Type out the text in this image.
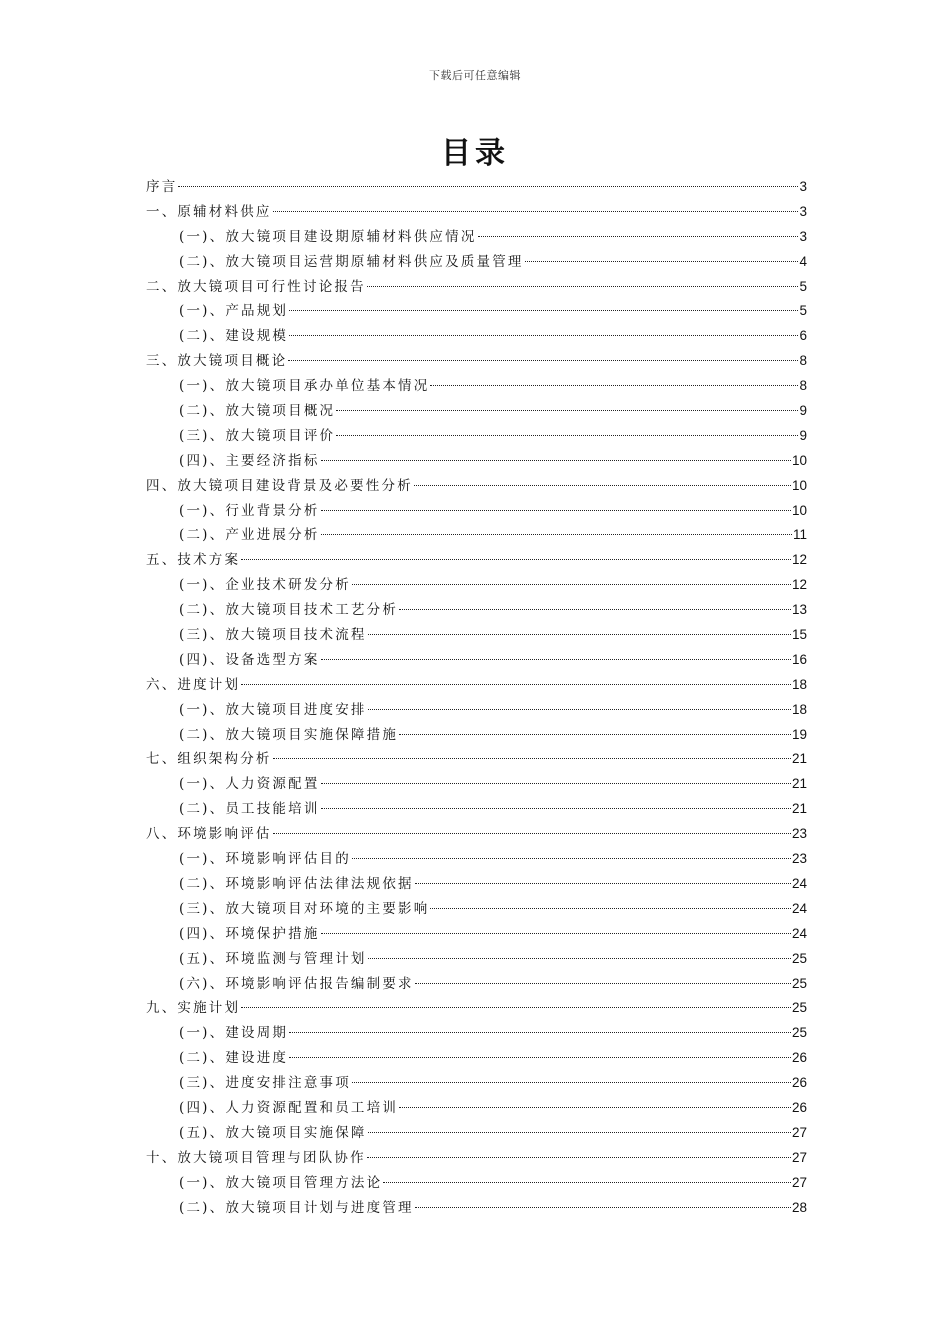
下载后可任意编辑
目录
序言	3
一、原辅材料供应	3
(一)、放大镜项目建设期原辅材料供应情况	3
(二)、放大镜项目运营期原辅材料供应及质量管理	4
二、放大镜项目可行性讨论报告	5
(一)、产品规划	5
(二)、建设规模	6
三、放大镜项目概论	8
(一)、放大镜项目承办单位基本情况	8
(二)、放大镜项目概况	9
(三)、放大镜项目评价	9
(四)、主要经济指标	10
四、放大镜项目建设背景及必要性分析	10
(一)、行业背景分析	10
(二)、产业进展分析	11
五、技术方案	12
(一)、企业技术研发分析	12
(二)、放大镜项目技术工艺分析	13
(三)、放大镜项目技术流程	15
(四)、设备选型方案	16
六、进度计划	18
(一)、放大镜项目进度安排	18
(二)、放大镜项目实施保障措施	19
七、组织架构分析	21
(一)、人力资源配置	21
(二)、员工技能培训	21
八、环境影响评估	23
(一)、环境影响评估目的	23
(二)、环境影响评估法律法规依据	24
(三)、放大镜项目对环境的主要影响	24
(四)、环境保护措施	24
(五)、环境监测与管理计划	25
(六)、环境影响评估报告编制要求	25
九、实施计划	25
(一)、建设周期	25
(二)、建设进度	26
(三)、进度安排注意事项	26
(四)、人力资源配置和员工培训	26
(五)、放大镜项目实施保障	27
十、放大镜项目管理与团队协作	27
(一)、放大镜项目管理方法论	27
(二)、放大镜项目计划与进度管理	28
